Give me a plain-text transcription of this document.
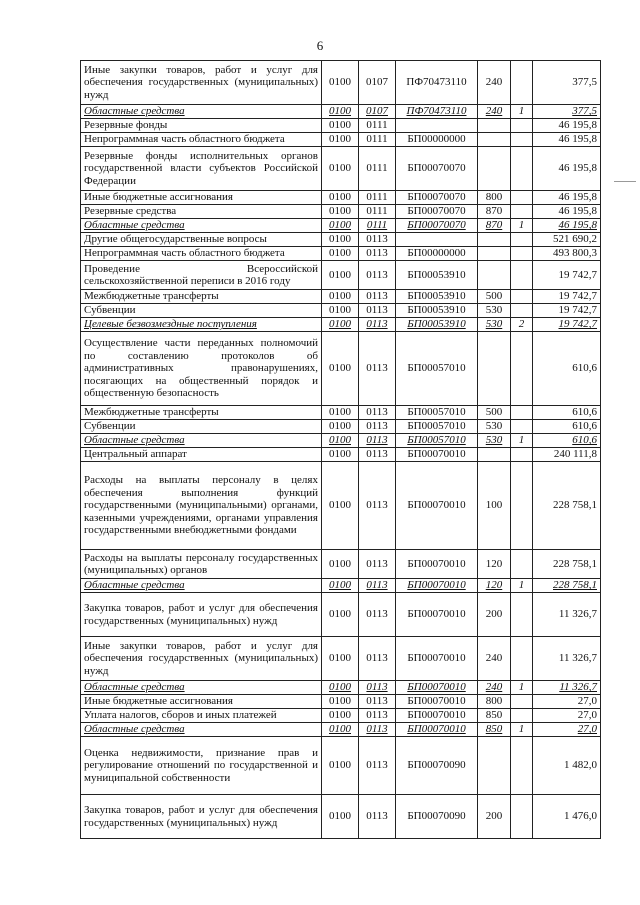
6
Иные закупки товаров, работ и услуг для обеспечения государственных (муниципальных) нужд	0100	0107	ПФ70473110	240		377,5
Областные средства	0100	0107	ПФ70473110	240	1	377,5
Резервные фонды	0100	0111				46 195,8
Непрограммная часть областного бюджета	0100	0111	БП00000000			46 195,8
Резервные фонды исполнительных органов государственной власти субъектов Российской Федерации	0100	0111	БП00070070			46 195,8
Иные бюджетные ассигнования	0100	0111	БП00070070	800		46 195,8
Резервные средства	0100	0111	БП00070070	870		46 195,8
Областные средства	0100	0111	БП00070070	870	1	46 195,8
Другие общегосударственные вопросы	0100	0113				521 690,2
Непрограммная часть областного бюджета	0100	0113	БП00000000			493 800,3
Проведение Всероссийской сельскохозяйственной переписи в 2016 году	0100	0113	БП00053910			19 742,7
Межбюджетные трансферты	0100	0113	БП00053910	500		19 742,7
Субвенции	0100	0113	БП00053910	530		19 742,7
Целевые безвозмездные поступления	0100	0113	БП00053910	530	2	19 742,7
Осуществление части переданных полномочий по составлению протоколов об административных правонарушениях, посягающих на общественный порядок и общественную безопасность	0100	0113	БП00057010			610,6
Межбюджетные трансферты	0100	0113	БП00057010	500		610,6
Субвенции	0100	0113	БП00057010	530		610,6
Областные средства	0100	0113	БП00057010	530	1	610,6
Центральный аппарат	0100	0113	БП00070010			240 111,8
Расходы на выплаты персоналу в целях обеспечения выполнения функций государственными (муниципальными) органами, казенными учреждениями, органами управления государственными внебюджетными фондами	0100	0113	БП00070010	100		228 758,1
Расходы на выплаты персоналу государственных (муниципальных) органов	0100	0113	БП00070010	120		228 758,1
Областные средства	0100	0113	БП00070010	120	1	228 758,1
Закупка товаров, работ и услуг для обеспечения государственных (муниципальных) нужд	0100	0113	БП00070010	200		11 326,7
Иные закупки товаров, работ и услуг для обеспечения государственных (муниципальных) нужд	0100	0113	БП00070010	240		11 326,7
Областные средства	0100	0113	БП00070010	240	1	11 326,7
Иные бюджетные ассигнования	0100	0113	БП00070010	800		27,0
Уплата налогов, сборов и иных платежей	0100	0113	БП00070010	850		27,0
Областные средства	0100	0113	БП00070010	850	1	27,0
Оценка недвижимости, признание прав и регулирование отношений по государственной и муниципальной собственности	0100	0113	БП00070090			1 482,0
Закупка товаров, работ и услуг для обеспечения государственных (муниципальных) нужд	0100	0113	БП00070090	200		1 476,0
